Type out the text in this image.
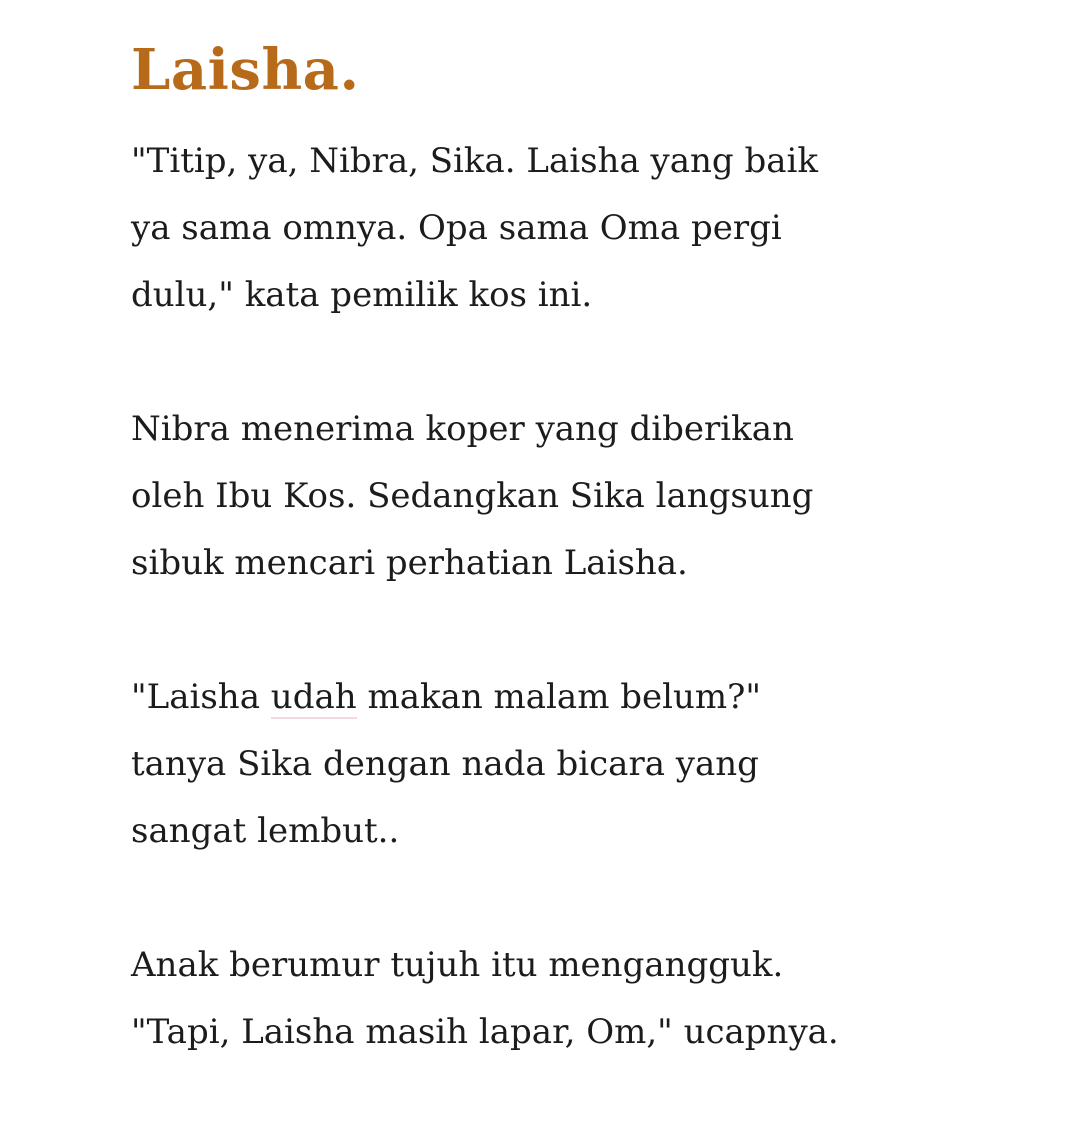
Laisha.

"Titip, ya, Nibra, Sika. Laisha yang baik
ya sama omnya. Opa sama Oma pergi
dulu," kata pemilik kos ini.

Nibra menerima koper yang diberikan
oleh Ibu Kos. Sedangkan Sika langsung
sibuk mencari perhatian Laisha.

"Laisha udah makan malam belum?"
tanya Sika dengan nada bicara yang
sangat lembut..

Anak berumur tujuh itu mengangguk.
"Tapi, Laisha masih lapar, Om," ucapnya.
